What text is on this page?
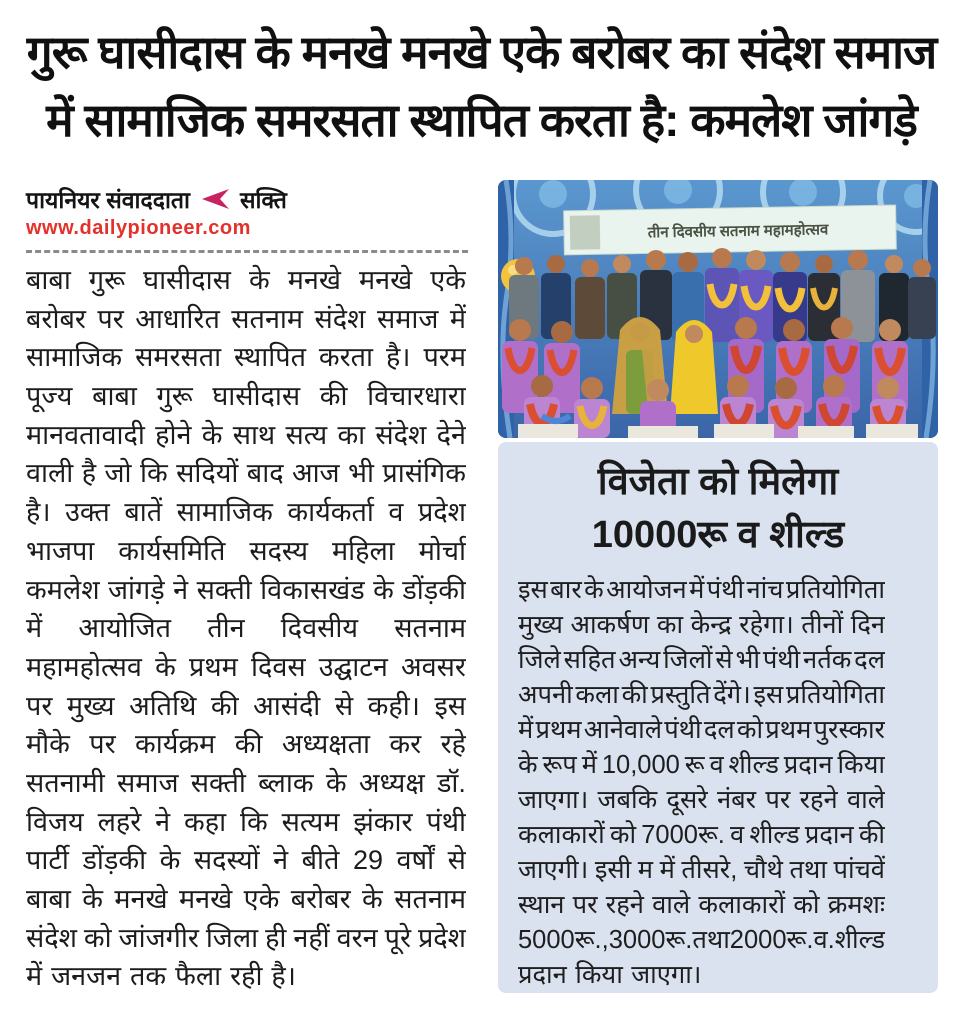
गुरू घासीदास के मनखे मनखे एके बरोबर का संदेश समाज
में सामाजिक समरसता स्थापित करता है: कमलेश जांगड़े
पायनियर संवाददाता सक्ति
www.dailypioneer.com
बाबा गुरू घासीदास के मनखे मनखे एके
बरोबर पर आधारित सतनाम संदेश समाज में
सामाजिक समरसता स्थापित करता है। परम
पूज्य बाबा गुरू घासीदास की विचारधारा
मानवतावादी होने के साथ सत्य का संदेश देने
वाली है जो कि सदियों बाद आज भी प्रासंगिक
है। उक्त बातें सामाजिक कार्यकर्ता व प्रदेश
भाजपा कार्यसमिति सदस्य महिला मोर्चा
कमलेश जांगड़े ने सक्ती विकासखंड के डोंड़की
में आयोजित तीन दिवसीय सतनाम
महामहोत्सव के प्रथम दिवस उद्घाटन अवसर
पर मुख्य अतिथि की आसंदी से कही। इस
मौके पर कार्यक्रम की अध्यक्षता कर रहे
सतनामी समाज सक्ती ब्लाक के अध्यक्ष डॉ.
विजय लहरे ने कहा कि सत्यम झंकार पंथी
पार्टी डोंड़की के सदस्यों ने बीते 29 वर्षों से
बाबा के मनखे मनखे एके बरोबर के सतनाम
संदेश को जांजगीर जिला ही नहीं वरन पूरे प्रदेश
में जनजन तक फैला रही है।
तीन दिवसीय सतनाम महामहोत्सव
विजेता को मिलेगा
10000रू व शील्ड
इस बार के आयोजन में पंथी नांच प्रतियोगिता
मुख्य आकर्षण का केन्द्र रहेगा। तीनों दिन
जिले सहित अन्य जिलों से भी पंथी नर्तक दल
अपनी कला की प्रस्तुति देंगे। इस प्रतियोगिता
में प्रथम आनेवाले पंथी दल को प्रथम पुरस्कार
के रूप में 10,000 रू व शील्ड प्रदान किया
जाएगा। जबकि दूसरे नंबर पर रहने वाले
कलाकारों को 7000रू. व शील्ड प्रदान की
जाएगी। इसी म में तीसरे, चौथे तथा पांचवें
स्थान पर रहने वाले कलाकारों को क्रमशः
5000रू., 3000रू. तथा 2000रू. व.शील्ड
प्रदान किया जाएगा।
